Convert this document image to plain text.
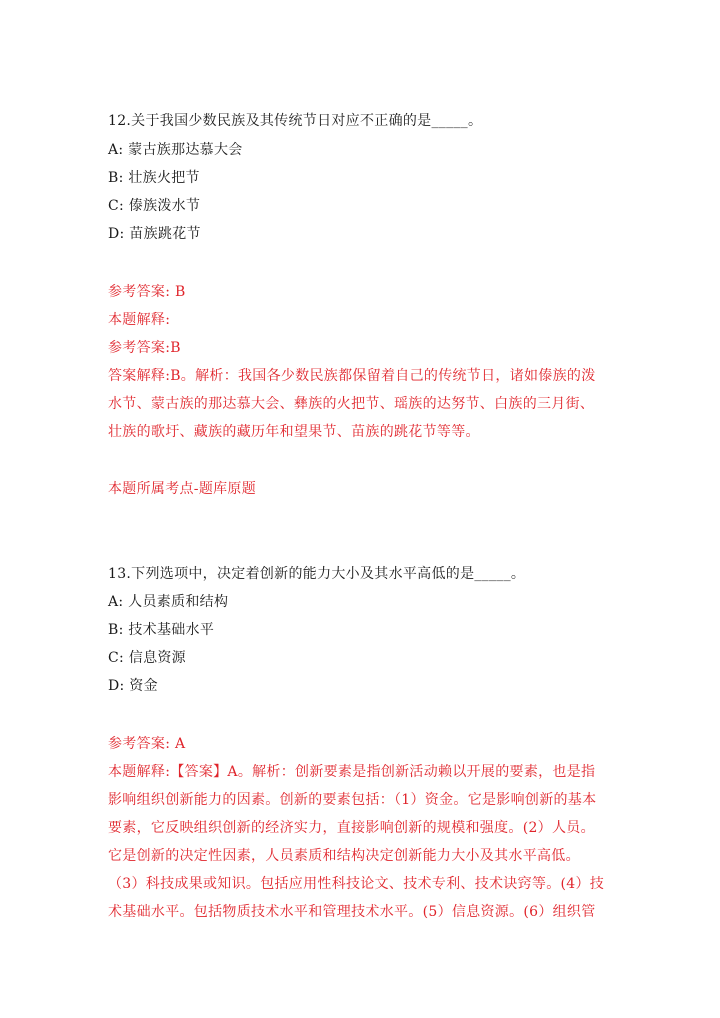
12.关于我国少数民族及其传统节日对应不正确的是_____。
A: 蒙古族那达慕大会
B: 壮族火把节
C: 傣族泼水节
D: 苗族跳花节
参考答案: B
本题解释:
参考答案:B
答案解释:B。解析：我国各少数民族都保留着自己的传统节日，诸如傣族的泼
水节、蒙古族的那达慕大会、彝族的火把节、瑶族的达努节、白族的三月街、
壮族的歌圩、藏族的藏历年和望果节、苗族的跳花节等等。
本题所属考点-题库原题
13.下列选项中，决定着创新的能力大小及其水平高低的是_____。
A: 人员素质和结构
B: 技术基础水平
C: 信息资源
D: 资金
参考答案: A
本题解释:【答案】A。解析：创新要素是指创新活动赖以开展的要素，也是指
影响组织创新能力的因素。创新的要素包括：（1）资金。它是影响创新的基本
要素，它反映组织创新的经济实力，直接影响创新的规模和强度。(2）人员。
它是创新的决定性因素，人员素质和结构决定创新能力大小及其水平高低。
（3）科技成果或知识。包括应用性科技论文、技术专利、技术诀窍等。(4）技
术基础水平。包括物质技术水平和管理技术水平。(5）信息资源。(6）组织管
